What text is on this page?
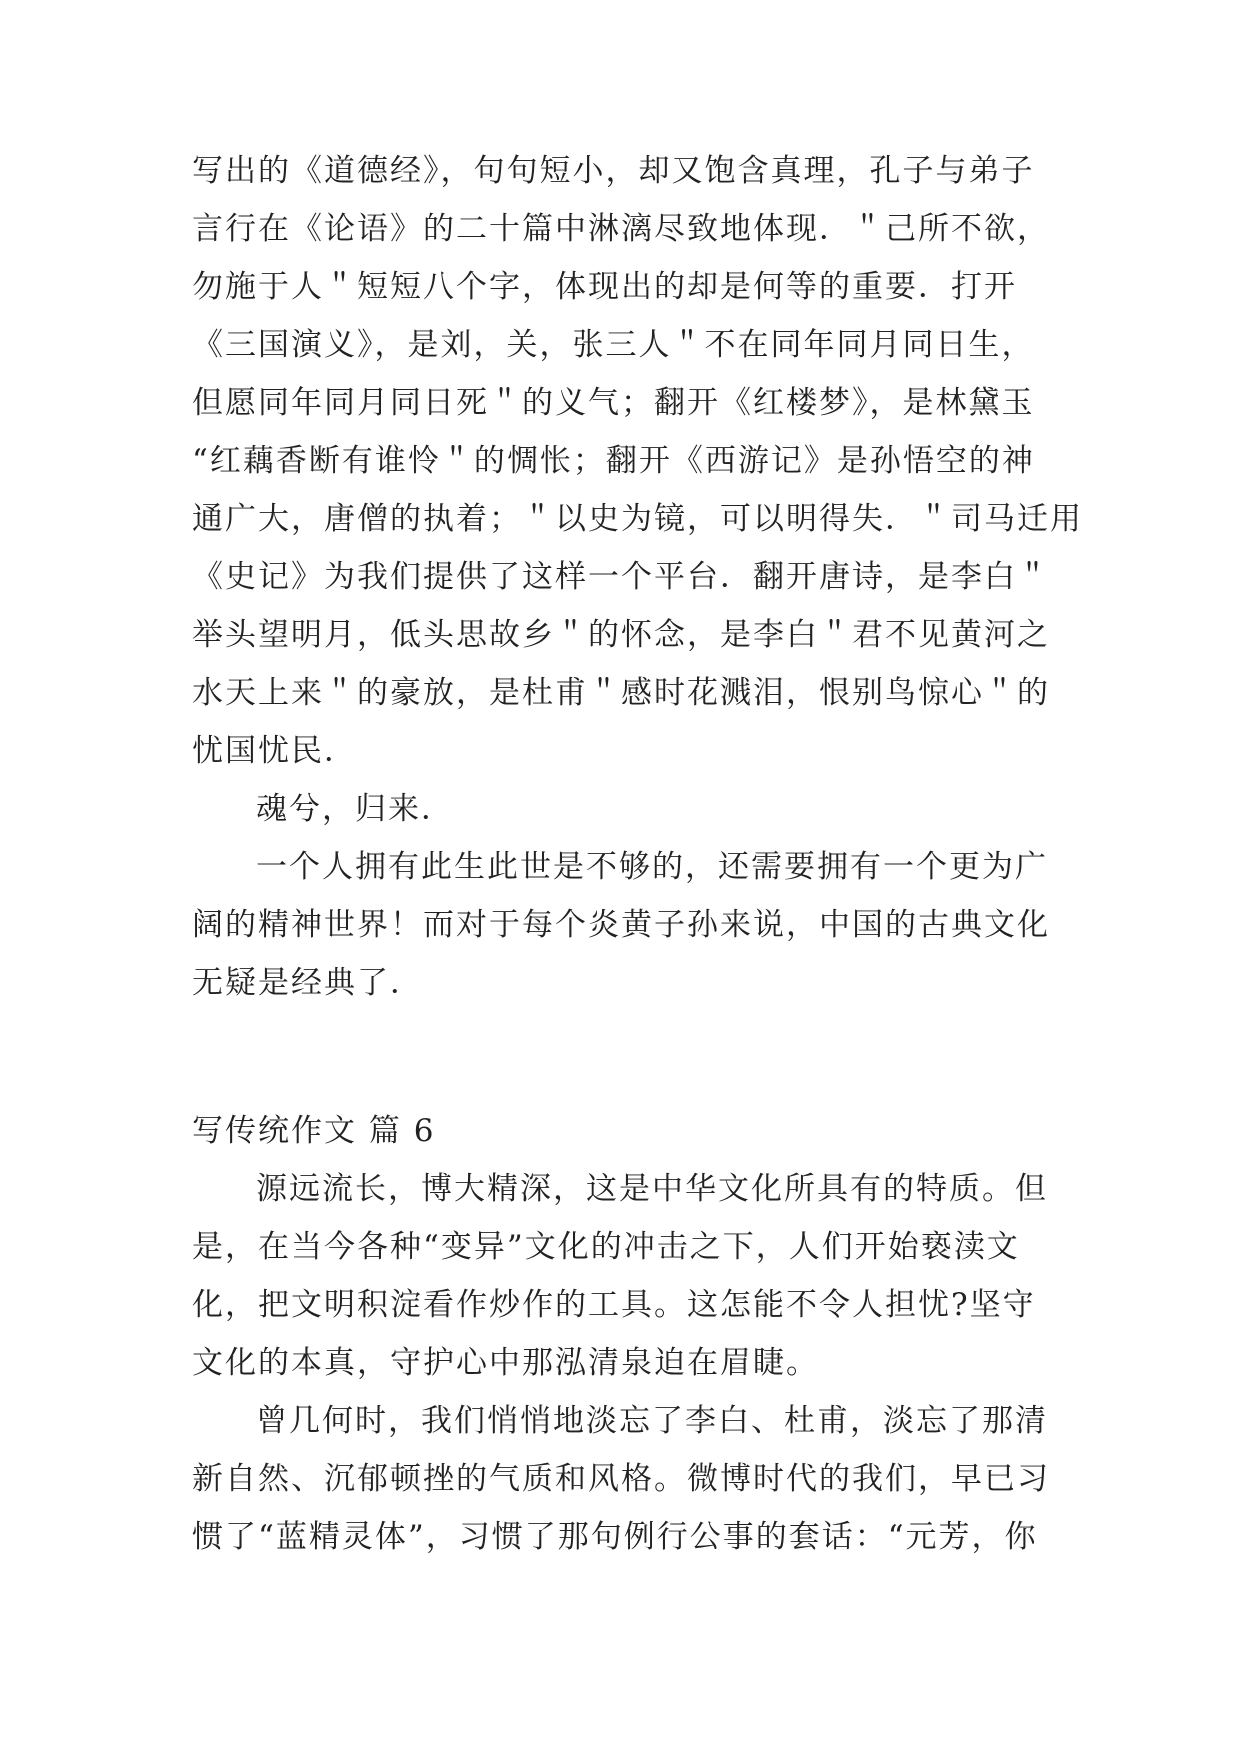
写出的《道德经》，句句短小，却又饱含真理，孔子与弟子
言行在《论语》的二十篇中淋漓尽致地体现．＂己所不欲，
勿施于人＂短短八个字，体现出的却是何等的重要．打开
《三国演义》，是刘，关，张三人＂不在同年同月同日生，
但愿同年同月同日死＂的义气；翻开《红楼梦》，是林黛玉
“红藕香断有谁怜＂的惆怅；翻开《西游记》是孙悟空的神
通广大，唐僧的执着；＂以史为镜，可以明得失．＂司马迁用
《史记》为我们提供了这样一个平台．翻开唐诗，是李白＂
举头望明月，低头思故乡＂的怀念，是李白＂君不见黄河之
水天上来＂的豪放，是杜甫＂感时花溅泪，恨别鸟惊心＂的
忧国忧民．
魂兮，归来．
一个人拥有此生此世是不够的，还需要拥有一个更为广
阔的精神世界！而对于每个炎黄子孙来说，中国的古典文化
无疑是经典了．
写传统作文 篇 6
源远流长，博大精深，这是中华文化所具有的特质。但
是，在当今各种“变异”文化的冲击之下，人们开始亵渎文
化，把文明积淀看作炒作的工具。这怎能不令人担忧?坚守
文化的本真，守护心中那泓清泉迫在眉睫。
曾几何时，我们悄悄地淡忘了李白、杜甫，淡忘了那清
新自然、沉郁顿挫的气质和风格。微博时代的我们，早已习
惯了“蓝精灵体”，习惯了那句例行公事的套话：“元芳，你
